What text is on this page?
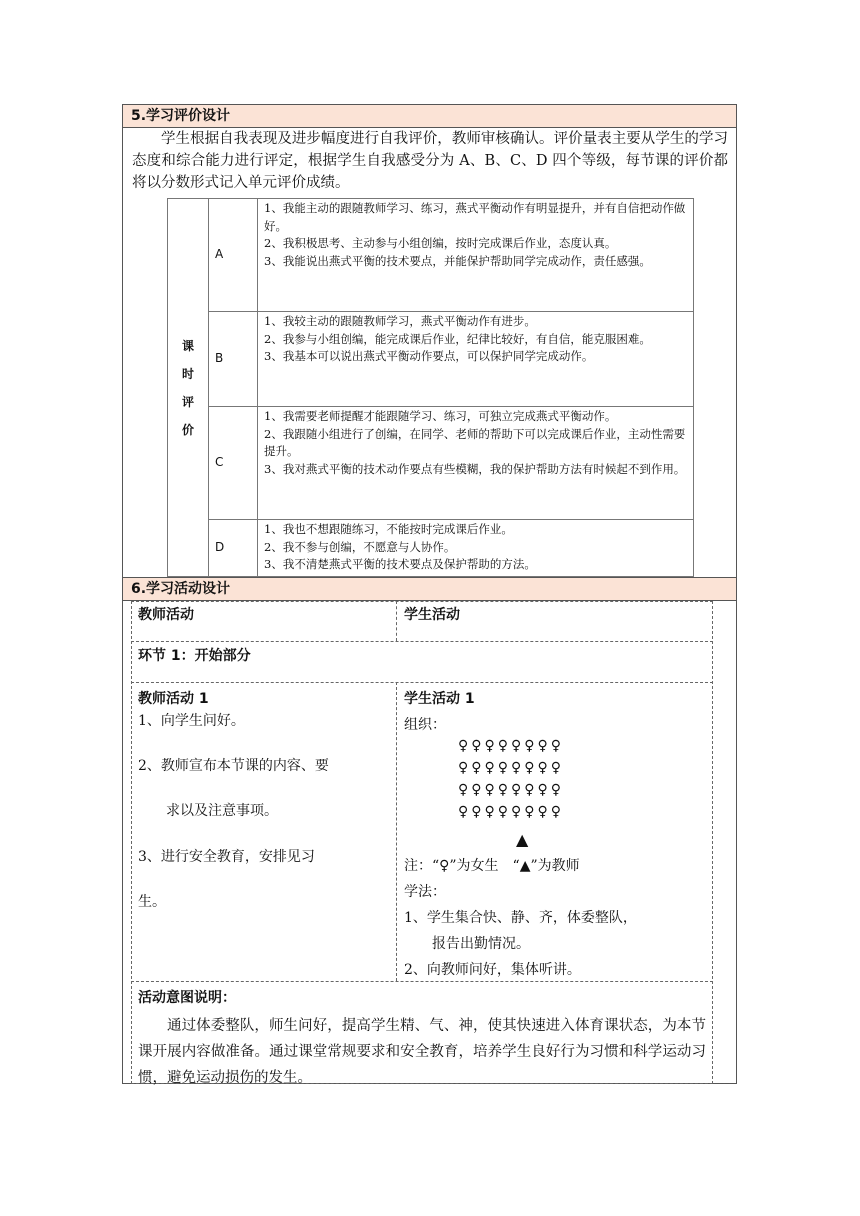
5.学习评价设计
学生根据自我表现及进步幅度进行自我评价，教师审核确认。评价量表主要从学生的学习态度和综合能力进行评定，根据学生自我感受分为 A、B、C、D 四个等级，每节课的评价都将以分数形式记入单元评价成绩。
课
时
评
价	A	1、我能主动的跟随教师学习、练习，燕式平衡动作有明显提升，并有自信把动作做好。
2、我积极思考、主动参与小组创编，按时完成课后作业，态度认真。
3、我能说出燕式平衡的技术要点，并能保护帮助同学完成动作，责任感强。

	B	1、我较主动的跟随教师学习，燕式平衡动作有进步。
2、我参与小组创编，能完成课后作业，纪律比较好，有自信，能克服困难。
3、我基本可以说出燕式平衡动作要点，可以保护同学完成动作。

	C	1、我需要老师提醒才能跟随学习、练习，可独立完成燕式平衡动作。
2、我跟随小组进行了创编，在同学、老师的帮助下可以完成课后作业，主动性需要提升。
3、我对燕式平衡的技术动作要点有些模糊，我的保护帮助方法有时候起不到作用。

	D	1、我也不想跟随练习，不能按时完成课后作业。
2、我不参与创编，不愿意与人协作。
3、我不清楚燕式平衡的技术要点及保护帮助的方法。
6.学习活动设计
教师活动	学生活动
环节 1：开始部分
教师活动 1
1、向学生问好。
2、教师宣布本节课的内容、要
求以及注意事项。
3、进行安全教育，安排见习
生。
学生活动 1
组织：
♀♀♀♀♀♀♀♀
♀♀♀♀♀♀♀♀
♀♀♀♀♀♀♀♀
♀♀♀♀♀♀♀♀
▲
注：“♀”为女生　“▲”为教师
学法：
1、学生集合快、静、齐，体委整队，
报告出勤情况。
2、向教师问好，集体听讲。
活动意图说明：
通过体委整队，师生问好，提高学生精、气、神，使其快速进入体育课状态，为本节课开展内容做准备。通过课堂常规要求和安全教育，培养学生良好行为习惯和科学运动习惯，避免运动损伤的发生。
